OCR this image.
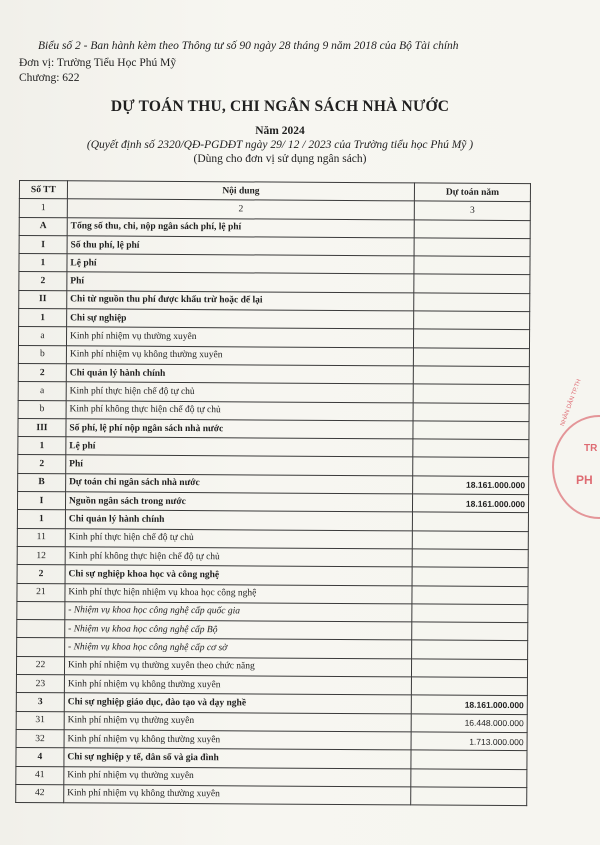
Biểu số 2 - Ban hành kèm theo Thông tư số 90 ngày 28 tháng 9 năm 2018 của Bộ Tài chính
Đơn vị: Trường Tiểu Học Phú Mỹ
Chương: 622
DỰ TOÁN THU, CHI NGÂN SÁCH NHÀ NƯỚC
Năm 2024
(Quyết định số 2320/QĐ-PGDĐT ngày 29/ 12 / 2023 của Trường tiểu học Phú Mỹ )
(Dùng cho đơn vị sử dụng ngân sách)
Số TT	Nội dung	Dự toán năm
1	2	3
A	Tổng số thu, chi, nộp ngân sách phí, lệ phí	
I	Số thu phí, lệ phí	
1	Lệ phí	
2	Phí	
II	Chi từ nguồn thu phí được khấu trừ hoặc để lại	
1	Chi sự nghiệp	
a	Kinh phí nhiệm vụ thường xuyên	
b	Kinh phí nhiệm vụ không thường xuyên	
2	Chi quản lý hành chính	
a	Kinh phí thực hiện chế độ tự chủ	
b	Kinh phí không thực hiện chế độ tự chủ	
III	Số phí, lệ phí nộp ngân sách nhà nước	
1	Lệ phí	
2	Phí	
B	Dự toán chi ngân sách nhà nước	18.161.000.000
I	Nguồn ngân sách trong nước	18.161.000.000
1	Chi quản lý hành chính	
11	Kinh phí thực hiện chế độ tự chủ	
12	Kinh phí không thực hiện chế độ tự chủ	
2	Chi sự nghiệp khoa học và công nghệ	
21	Kinh phí thực hiện nhiệm vụ khoa học công nghệ	
	- Nhiệm vụ khoa học công nghệ cấp quốc gia	
	- Nhiệm vụ khoa học công nghệ cấp Bộ	
	- Nhiệm vụ khoa học công nghệ cấp cơ sở	
22	Kinh phí nhiệm vụ thường xuyên theo chức năng	
23	Kinh phí nhiệm vụ không thường xuyên	
3	Chi sự nghiệp giáo dục, đào tạo và dạy nghề	18.161.000.000
31	Kinh phí nhiệm vụ thường xuyên	16.448.000.000
32	Kinh phí nhiệm vụ không thường xuyên	1.713.000.000
4	Chi sự nghiệp y tế, dân số và gia đình	
41	Kinh phí nhiệm vụ thường xuyên	
42	Kinh phí nhiệm vụ không thường xuyên	
NHÂN DÂN TP.TH
TR
PH
